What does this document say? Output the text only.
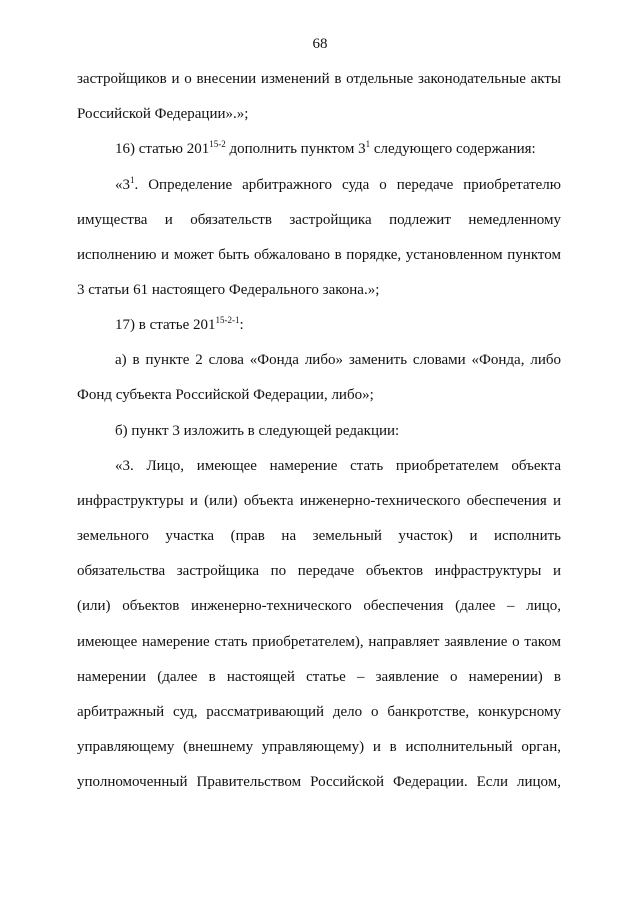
68
застройщиков и о внесении изменений в отдельные законодательные акты
Российской Федерации».»;
16) статью 201$^{15-2}$ дополнить пунктом $3^1$ следующего содержания:
«$3^1$. Определение арбитражного суда о передаче приобретателю
имущества и обязательств застройщика подлежит немедленному
исполнению и может быть обжаловано в порядке, установленном пунктом
3 статьи 61 настоящего Федерального закона.»;
17) в статье 201$^{15-2-1}$:
а) в пункте 2 слова «Фонда либо» заменить словами «Фонда, либо
Фонд субъекта Российской Федерации, либо»;
б) пункт 3 изложить в следующей редакции:
«3. Лицо, имеющее намерение стать приобретателем объекта
инфраструктуры и (или) объекта инженерно-технического обеспечения и
земельного участка (прав на земельный участок) и исполнить
обязательства застройщика по передаче объектов инфраструктуры и
(или) объектов инженерно-технического обеспечения (далее – лицо,
имеющее намерение стать приобретателем), направляет заявление о таком
намерении (далее в настоящей статье – заявление о намерении) в
арбитражный суд, рассматривающий дело о банкротстве, конкурсному
управляющему (внешнему управляющему) и в исполнительный орган,
уполномоченный Правительством Российской Федерации. Если лицом,
